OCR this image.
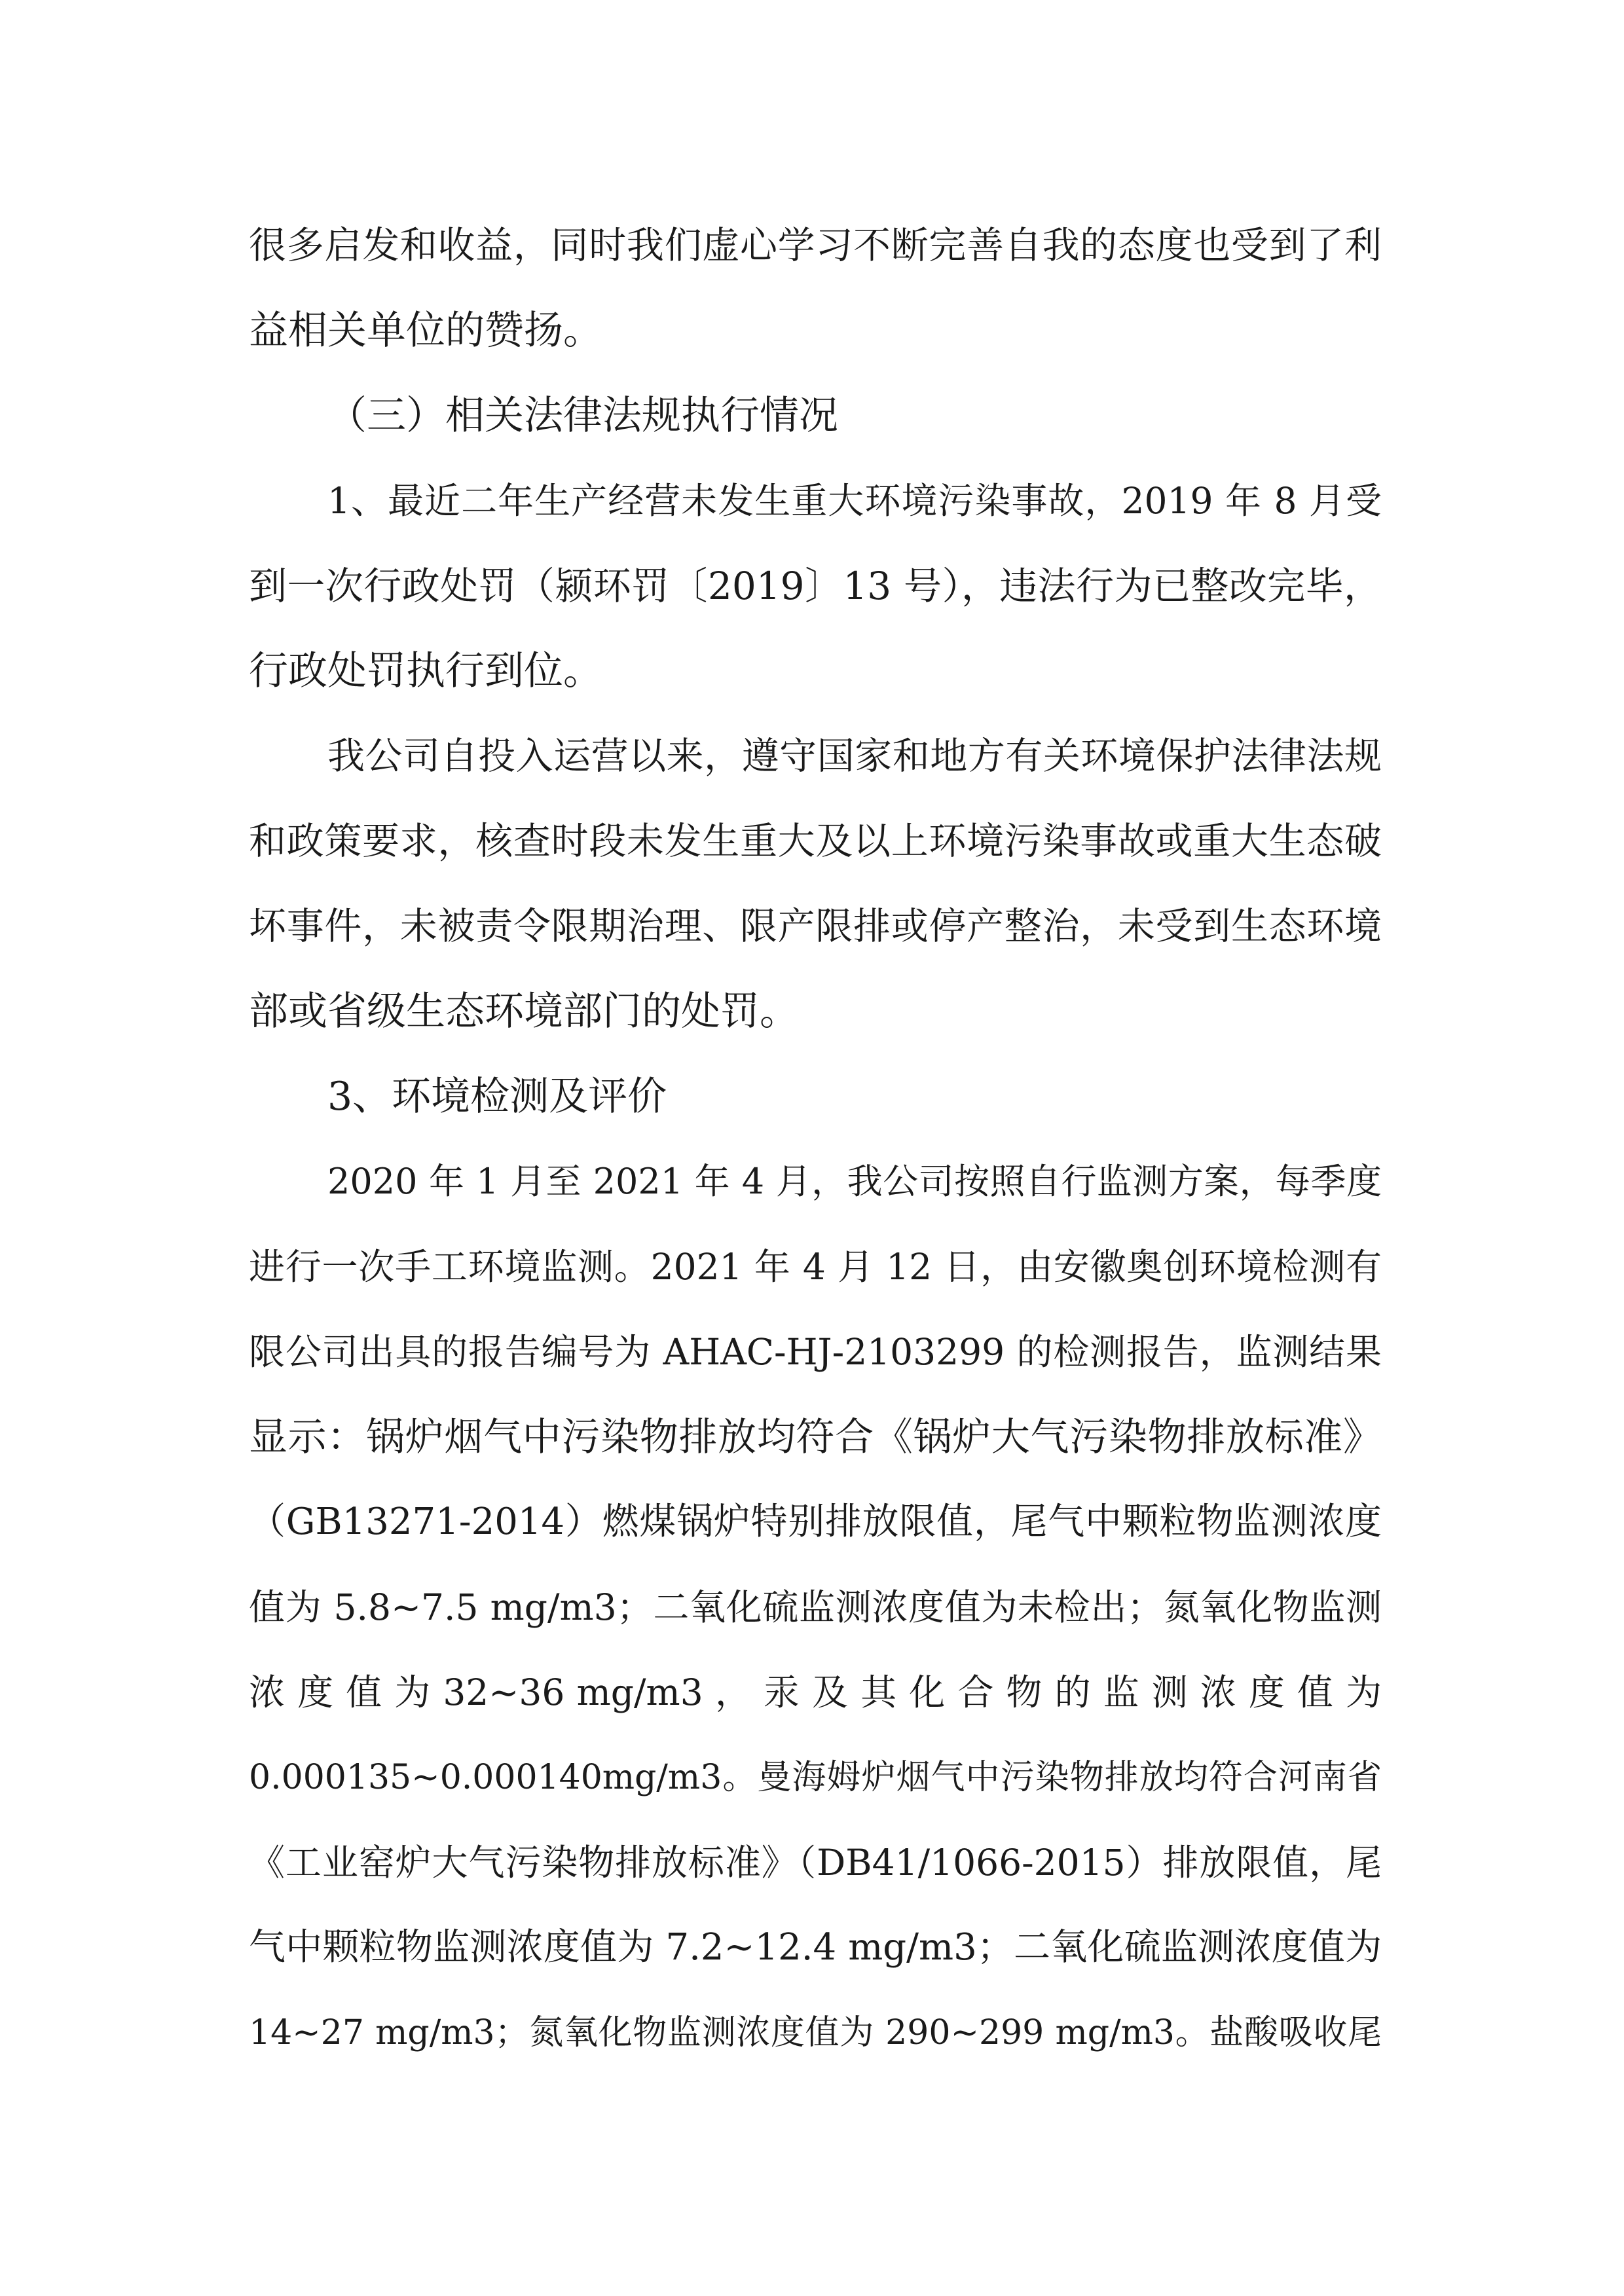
很多启发和收益，同时我们虚心学习不断完善自我的态度也受到了利
益相关单位的赞扬。
（三）相关法律法规执行情况
1、最近二年生产经营未发生重大环境污染事故，2019 年 8 月受
到一次行政处罚（颍环罚〔2019〕13 号），违法行为已整改完毕，
行政处罚执行到位。
我公司自投入运营以来，遵守国家和地方有关环境保护法律法规
和政策要求，核查时段未发生重大及以上环境污染事故或重大生态破
坏事件，未被责令限期治理、限产限排或停产整治，未受到生态环境
部或省级生态环境部门的处罚。
3、环境检测及评价
2020 年 1 月至 2021 年 4 月，我公司按照自行监测方案，每季度
进行一次手工环境监测。2021 年 4 月 12 日，由安徽奥创环境检测有
限公司出具的报告编号为 AHAC-HJ-2103299 的检测报告，监测结果
显示：锅炉烟气中污染物排放均符合《锅炉大气污染物排放标准》
（GB13271-2014）燃煤锅炉特别排放限值，尾气中颗粒物监测浓度
值为 5.8~7.5 mg/m3；二氧化硫监测浓度值为未检出；氮氧化物监测
浓 度 值 为 32~36 mg/m3 ， 汞 及 其 化 合 物 的 监 测 浓 度 值 为
0.000135~0.000140mg/m3。曼海姆炉烟气中污染物排放均符合河南省
《工业窑炉大气污染物排放标准》（DB41/1066-2015）排放限值，尾
气中颗粒物监测浓度值为 7.2~12.4 mg/m3；二氧化硫监测浓度值为
14~27 mg/m3；氮氧化物监测浓度值为 290~299 mg/m3。盐酸吸收尾
